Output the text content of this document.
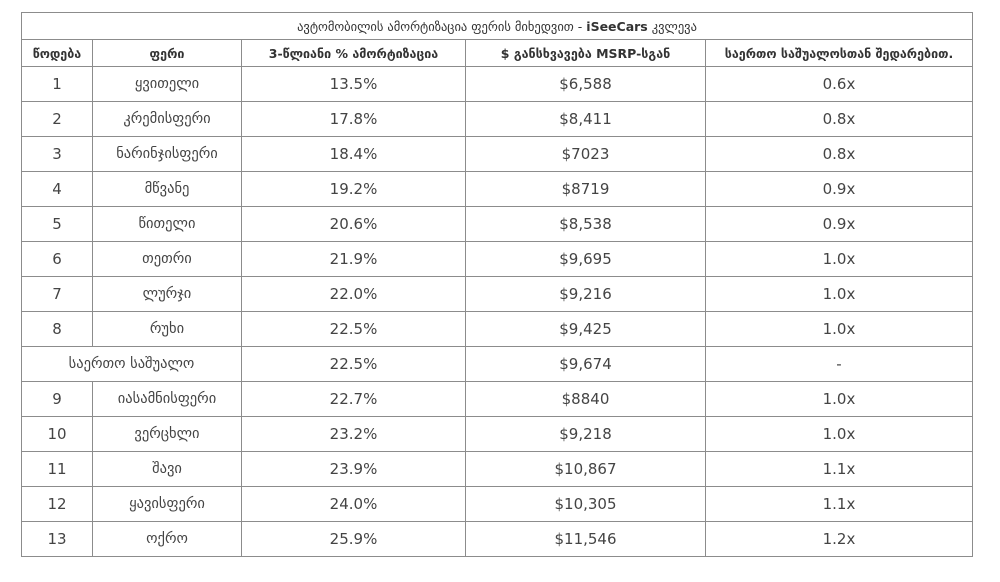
ავტომობილის ამორტიზაცია ფერის მიხედვით - iSeeCars კვლევა				
წოდება	ფერი	3-წლიანი % ამორტიზაცია	$ განსხვავება MSRP-სგან	საერთო საშუალოსთან შედარებით.
1	ყვითელი	13.5%	$6,588	0.6x
2	კრემისფერი	17.8%	$8,411	0.8x
3	ნარინჯისფერი	18.4%	$7023	0.8x
4	მწვანე	19.2%	$8719	0.9x
5	წითელი	20.6%	$8,538	0.9x
6	თეთრი	21.9%	$9,695	1.0x
7	ლურჯი	22.0%	$9,216	1.0x
8	რუხი	22.5%	$9,425	1.0x
საერთო საშუალო		22.5%	$9,674	-
9	იასამნისფერი	22.7%	$8840	1.0x
10	ვერცხლი	23.2%	$9,218	1.0x
11	შავი	23.9%	$10,867	1.1x
12	ყავისფერი	24.0%	$10,305	1.1x
13	ოქრო	25.9%	$11,546	1.2x
